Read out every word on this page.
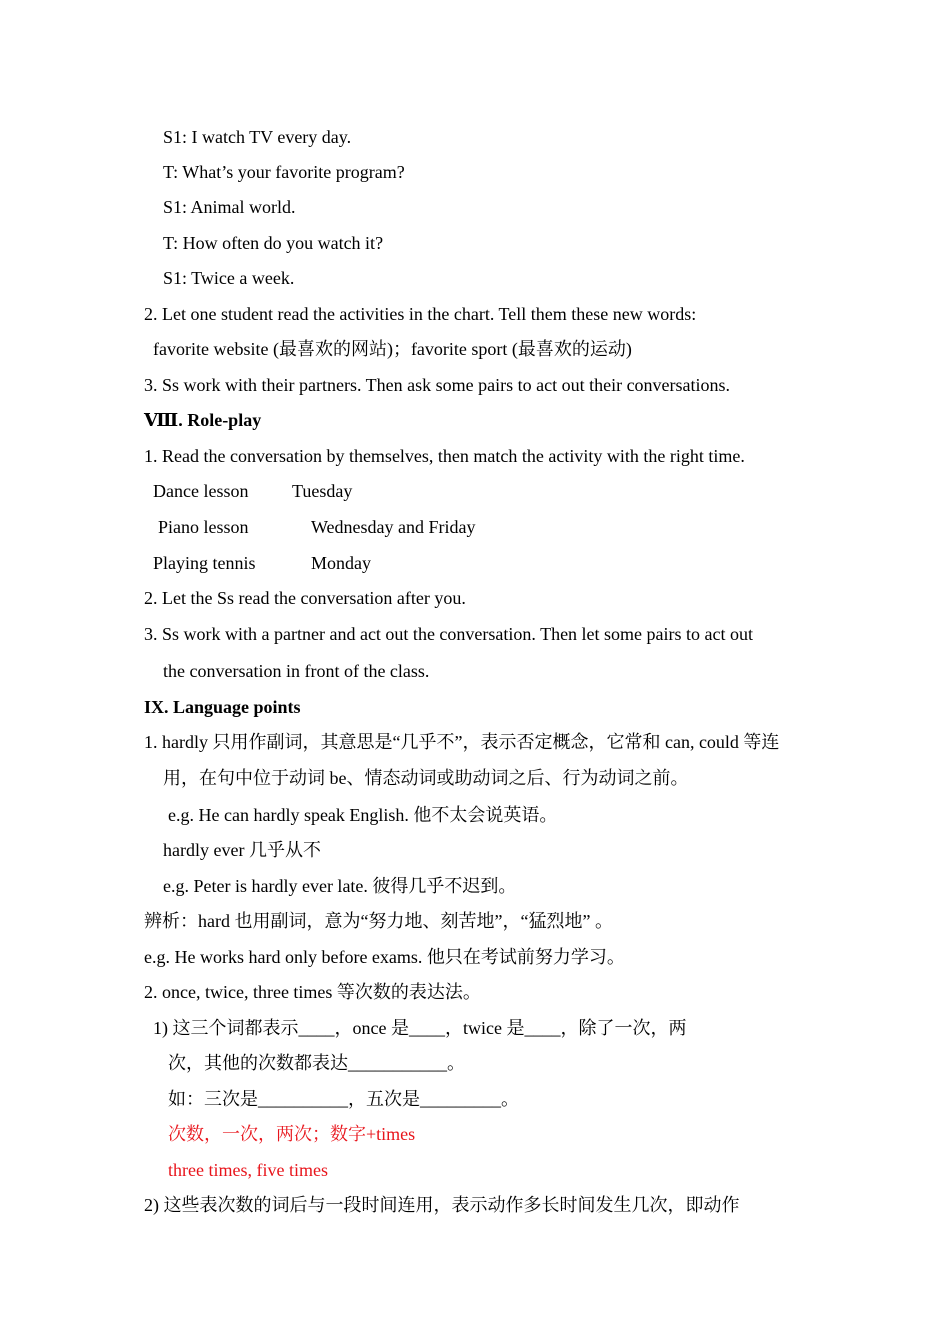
S1: I watch TV every day.
T: What’s your favorite program?
S1: Animal world.
T: How often do you watch it?
S1: Twice a week.
2. Let one student read the activities in the chart. Tell them these new words:
favorite website (最喜欢的网站)；favorite sport (最喜欢的运动)
3. Ss work with their partners. Then ask some pairs to act out their conversations.
Ⅷ. Role-play
1. Read the conversation by themselves, then match the activity with the right time.
Dance lesson Tuesday
Piano lesson	Wednesday and Friday
Playing tennis	Monday
2. Let the Ss read the conversation after you.
3. Ss work with a partner and act out the conversation. Then let some pairs to act out
the conversation in front of the class.
IX. Language points
1. hardly 只用作副词，其意思是“几乎不”，表示否定概念，它常和 can, could 等连
用，在句中位于动词 be、情态动词或助动词之后、行为动词之前。
e.g. He can hardly speak English. 他不太会说英语。
hardly ever 几乎从不
e.g. Peter is hardly ever late. 彼得几乎不迟到。
辨析：hard 也用副词，意为“努力地、刻苦地”，“猛烈地” 。
e.g. He works hard only before exams. 他只在考试前努力学习。
2. once, twice, three times 等次数的表达法。
1) 这三个词都表示____，once 是____，twice 是____，除了一次，两
次，其他的次数都表达___________。
如：三次是__________，五次是_________。
次数，一次，两次；数字+times
three times, five times
2) 这些表次数的词后与一段时间连用，表示动作多长时间发生几次，即动作
